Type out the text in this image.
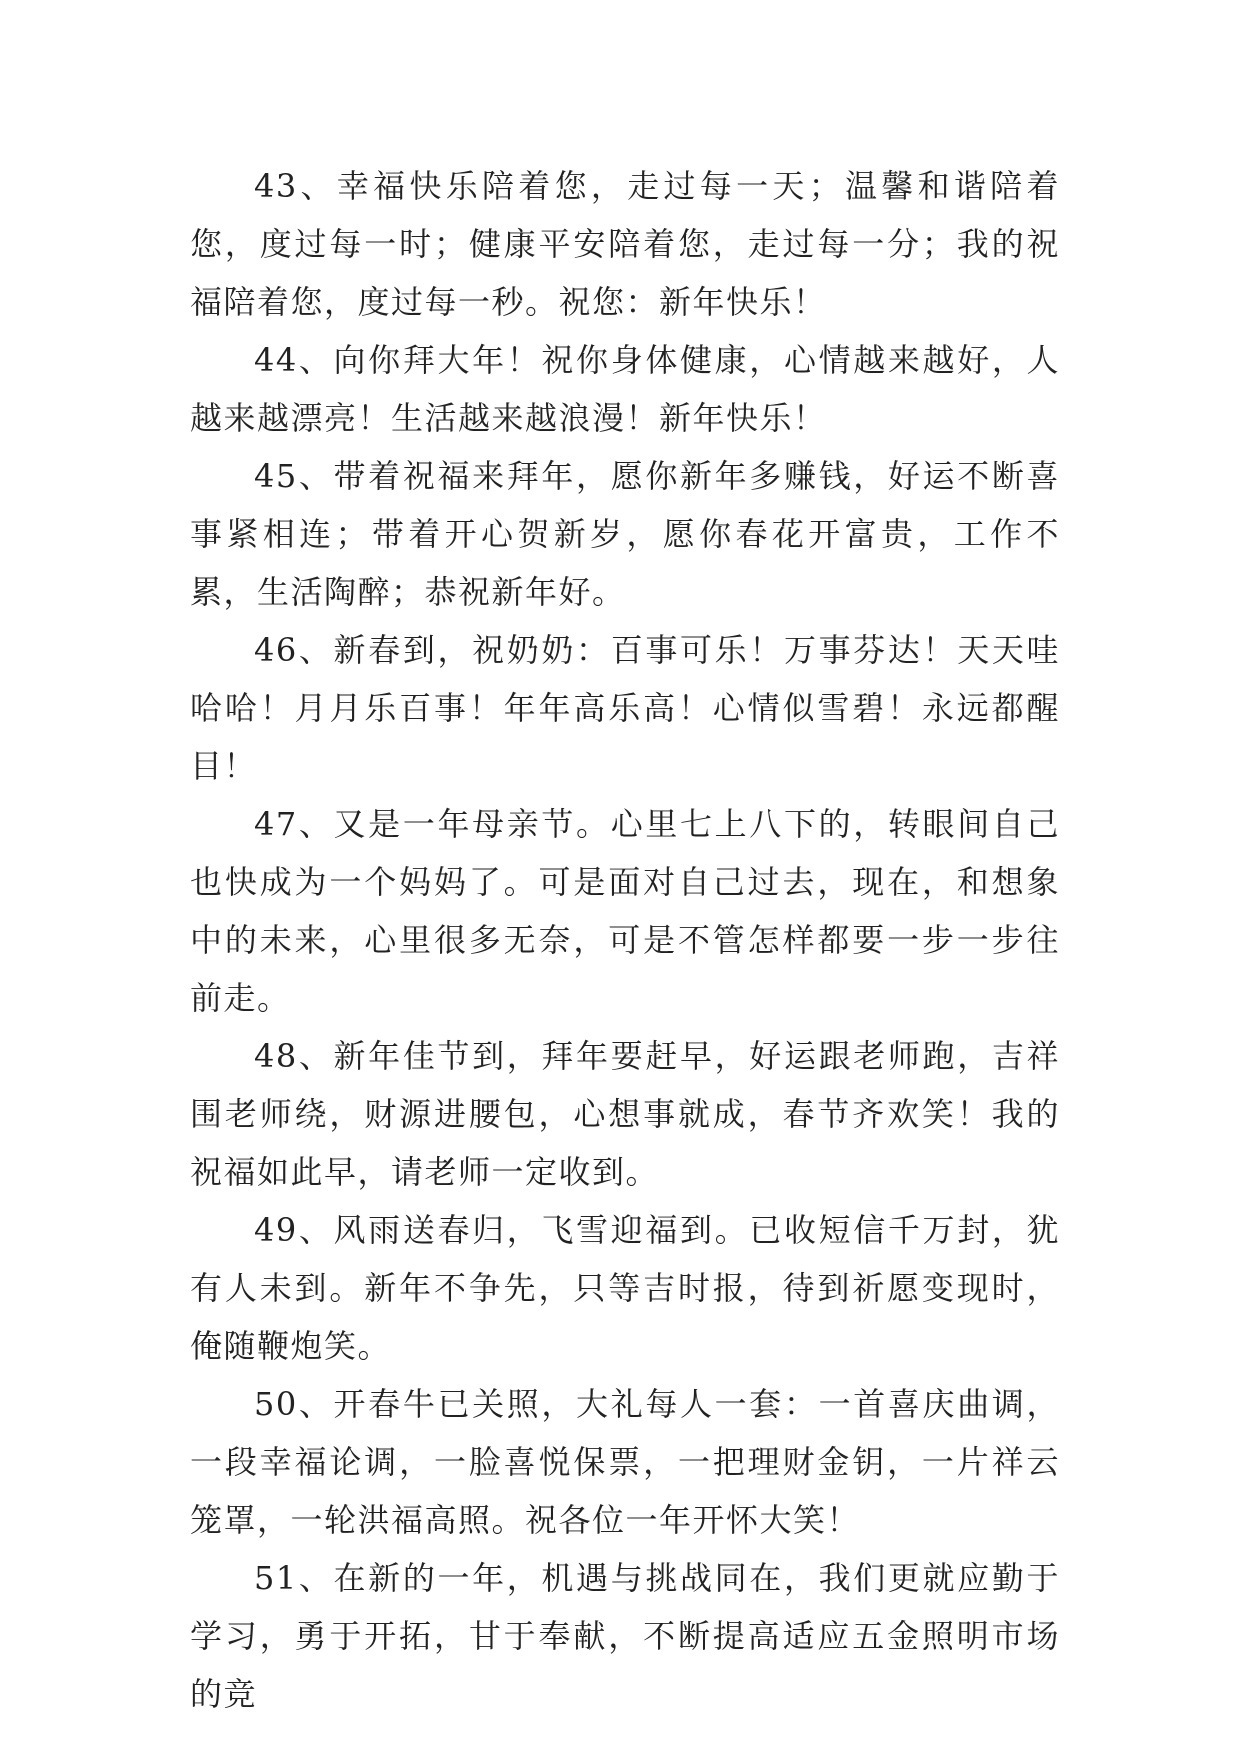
43、幸福快乐陪着您，走过每一天；温馨和谐陪着您，度过每一时；健康平安陪着您，走过每一分；我的祝福陪着您，度过每一秒。祝您：新年快乐！

44、向你拜大年！祝你身体健康，心情越来越好，人越来越漂亮！生活越来越浪漫！新年快乐！

45、带着祝福来拜年，愿你新年多赚钱，好运不断喜事紧相连；带着开心贺新岁，愿你春花开富贵，工作不累，生活陶醉；恭祝新年好。

46、新春到，祝奶奶：百事可乐！万事芬达！天天哇哈哈！月月乐百事！年年高乐高！心情似雪碧！永远都醒目！

47、又是一年母亲节。心里七上八下的，转眼间自己也快成为一个妈妈了。可是面对自己过去，现在，和想象中的未来，心里很多无奈，可是不管怎样都要一步一步往前走。

48、新年佳节到，拜年要赶早，好运跟老师跑，吉祥围老师绕，财源进腰包，心想事就成，春节齐欢笑！我的祝福如此早，请老师一定收到。

49、风雨送春归，飞雪迎福到。已收短信千万封，犹有人未到。新年不争先，只等吉时报，待到祈愿变现时，俺随鞭炮笑。

50、开春牛已关照，大礼每人一套：一首喜庆曲调，一段幸福论调，一脸喜悦保票，一把理财金钥，一片祥云笼罩，一轮洪福高照。祝各位一年开怀大笑！

51、在新的一年，机遇与挑战同在，我们更就应勤于学习，勇于开拓，甘于奉献，不断提高适应五金照明市场的竞
